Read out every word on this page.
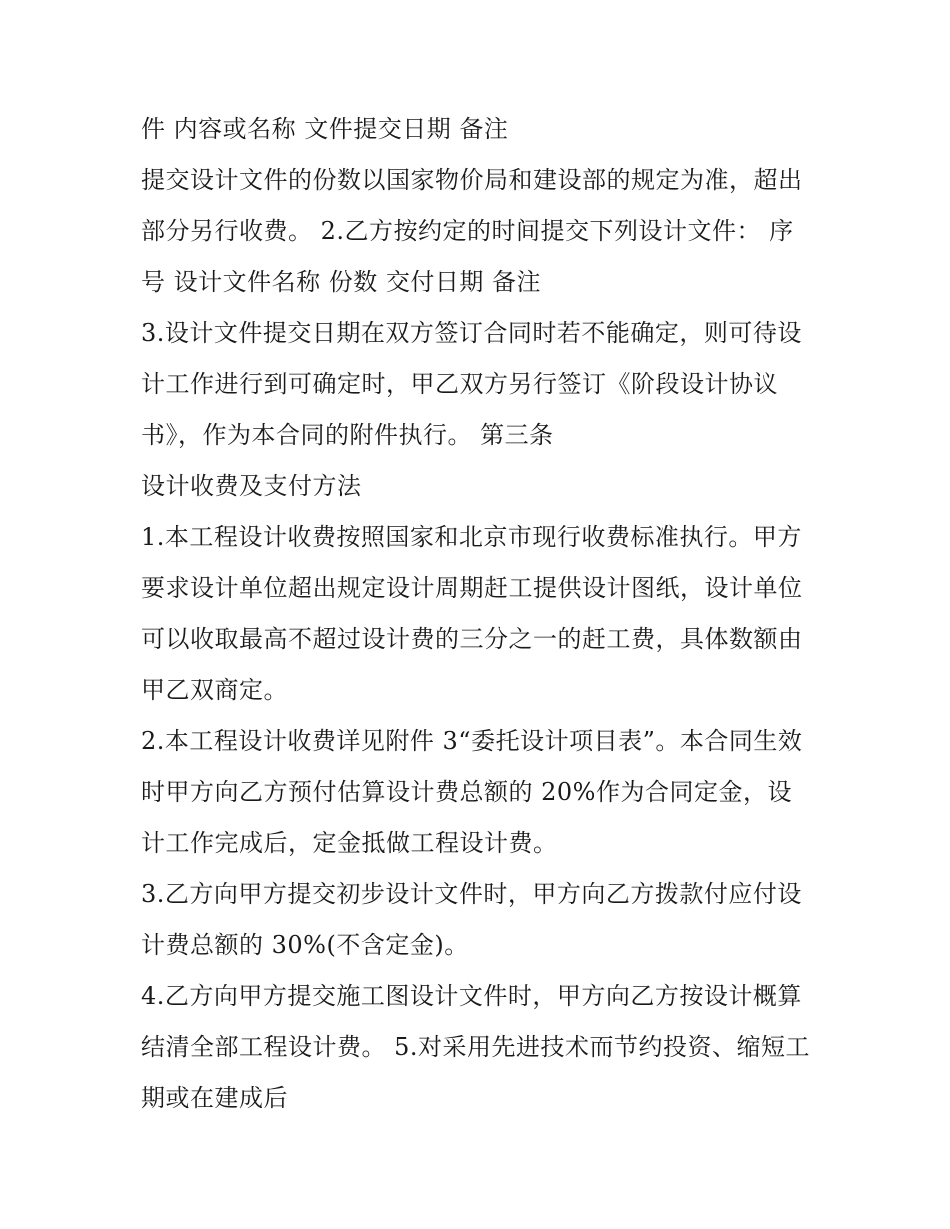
件 内容或名称 文件提交日期 备注
提交设计文件的份数以国家物价局和建设部的规定为准，超出
部分另行收费。 2.乙方按约定的时间提交下列设计文件： 序
号 设计文件名称 份数 交付日期 备注
3.设计文件提交日期在双方签订合同时若不能确定，则可待设
计工作进行到可确定时，甲乙双方另行签订《阶段设计协议
书》，作为本合同的附件执行。 第三条
设计收费及支付方法
1.本工程设计收费按照国家和北京市现行收费标准执行。甲方
要求设计单位超出规定设计周期赶工提供设计图纸，设计单位
可以收取最高不超过设计费的三分之一的赶工费，具体数额由
甲乙双商定。
2.本工程设计收费详见附件 3“委托设计项目表”。本合同生效
时甲方向乙方预付估算设计费总额的 20%作为合同定金，设
计工作完成后，定金抵做工程设计费。
3.乙方向甲方提交初步设计文件时，甲方向乙方拨款付应付设
计费总额的 30%(不含定金)。
4.乙方向甲方提交施工图设计文件时，甲方向乙方按设计概算
结清全部工程设计费。 5.对采用先进技术而节约投资、缩短工
期或在建成后
